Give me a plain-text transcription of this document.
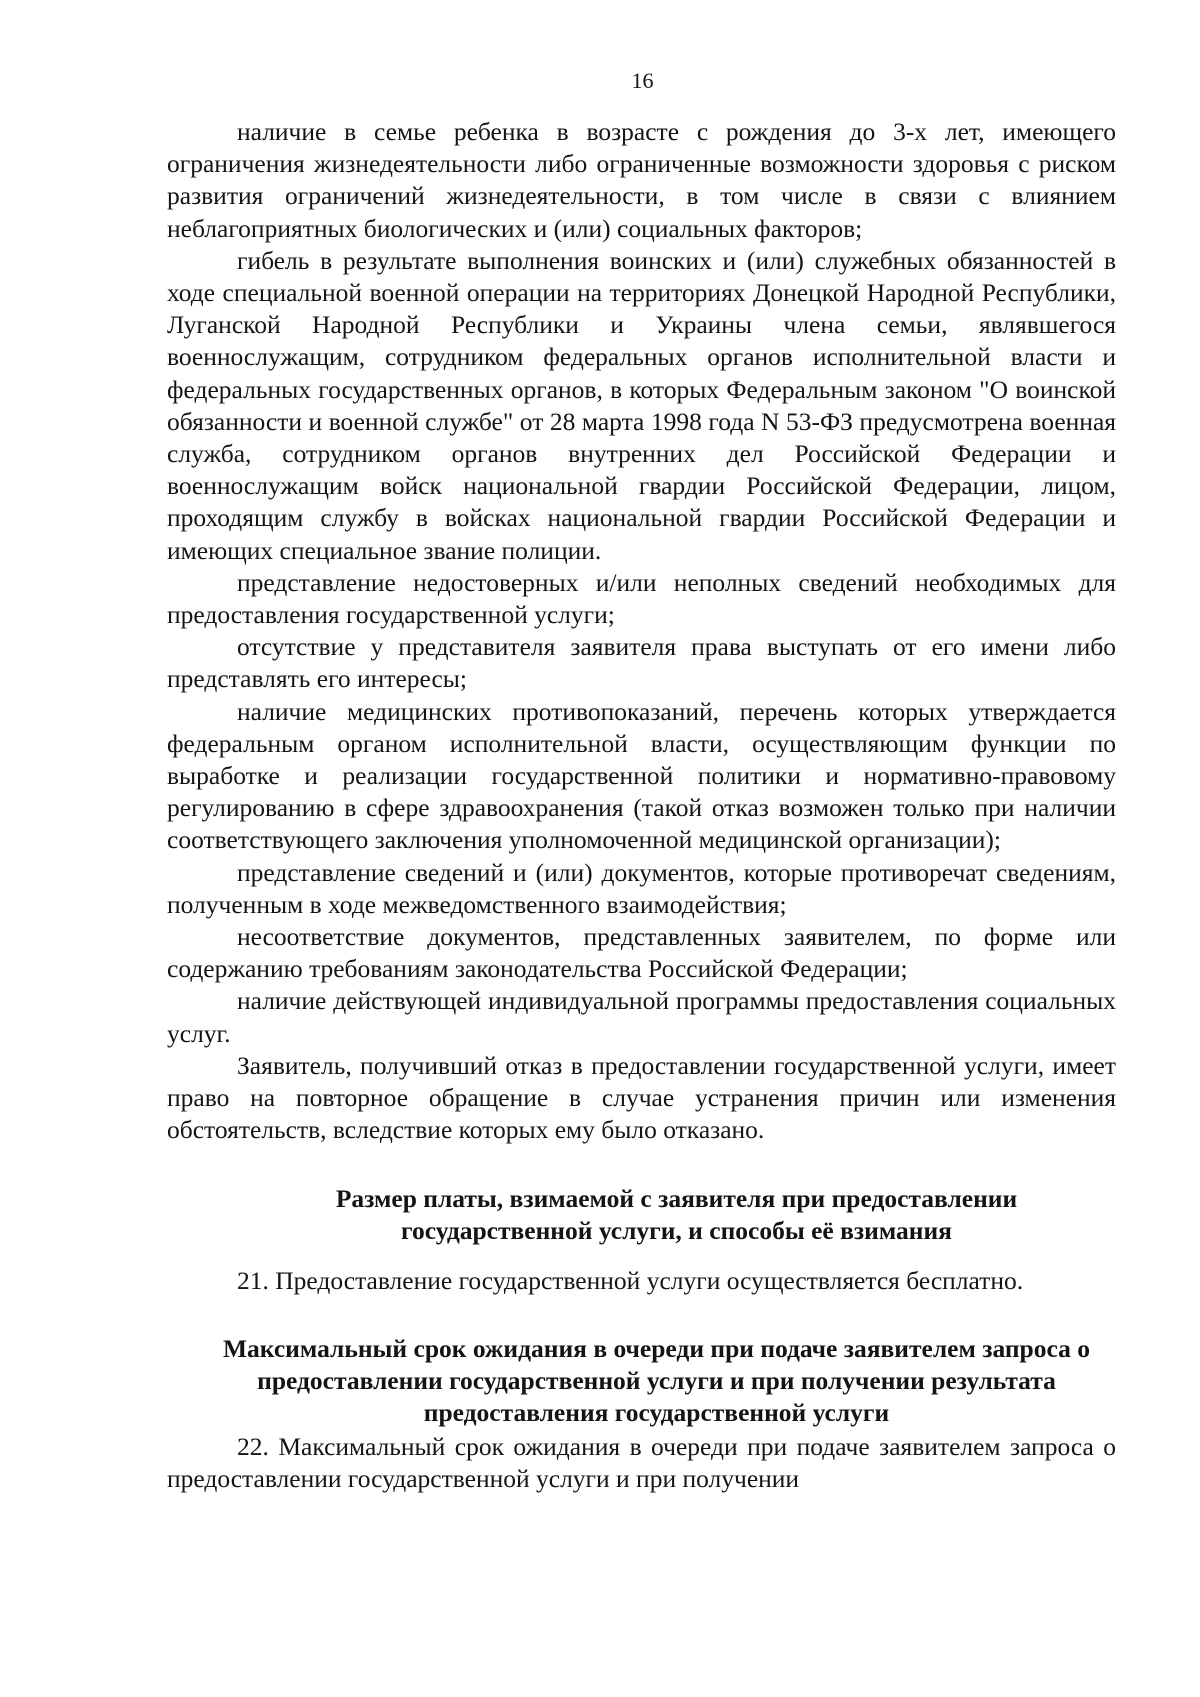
16

наличие в семье ребенка в возрасте с рождения до 3-х лет, имеющего ограничения жизнедеятельности либо ограниченные возможности здоровья с риском развития ограничений жизнедеятельности, в том числе в связи с влиянием неблагоприятных биологических и (или) социальных факторов;

гибель в результате выполнения воинских и (или) служебных обязанностей в ходе специальной военной операции на территориях Донецкой Народной Республики, Луганской Народной Республики и Украины члена семьи, являвшегося военнослужащим, сотрудником федеральных органов исполнительной власти и федеральных государственных органов, в которых Федеральным законом "О воинской обязанности и военной службе" от 28 марта 1998 года N 53-ФЗ предусмотрена военная служба, сотрудником органов внутренних дел Российской Федерации и военнослужащим войск национальной гвардии Российской Федерации, лицом, проходящим службу в войсках национальной гвардии Российской Федерации и имеющих специальное звание полиции.

представление недостоверных и/или неполных сведений необходимых для предоставления государственной услуги;

отсутствие у представителя заявителя права выступать от его имени либо представлять его интересы;

наличие медицинских противопоказаний, перечень которых утверждается федеральным органом исполнительной власти, осуществляющим функции по выработке и реализации государственной политики и нормативно-правовому регулированию в сфере здравоохранения (такой отказ возможен только при наличии соответствующего заключения уполномоченной медицинской организации);

представление сведений и (или) документов, которые противоречат сведениям, полученным в ходе межведомственного взаимодействия;

несоответствие документов, представленных заявителем, по форме или содержанию требованиям законодательства Российской Федерации;

наличие действующей индивидуальной программы предоставления социальных услуг.

Заявитель, получивший отказ в предоставлении государственной услуги, имеет право на повторное обращение в случае устранения причин или изменения обстоятельств, вследствие которых ему было отказано.

Размер платы, взимаемой с заявителя при предоставлении государственной услуги, и способы её взимания

21. Предоставление государственной услуги осуществляется бесплатно.

Максимальный срок ожидания в очереди при подаче заявителем запроса о предоставлении государственной услуги и при получении результата предоставления государственной услуги

22. Максимальный срок ожидания в очереди при подаче заявителем запроса о предоставлении государственной услуги и при получении
